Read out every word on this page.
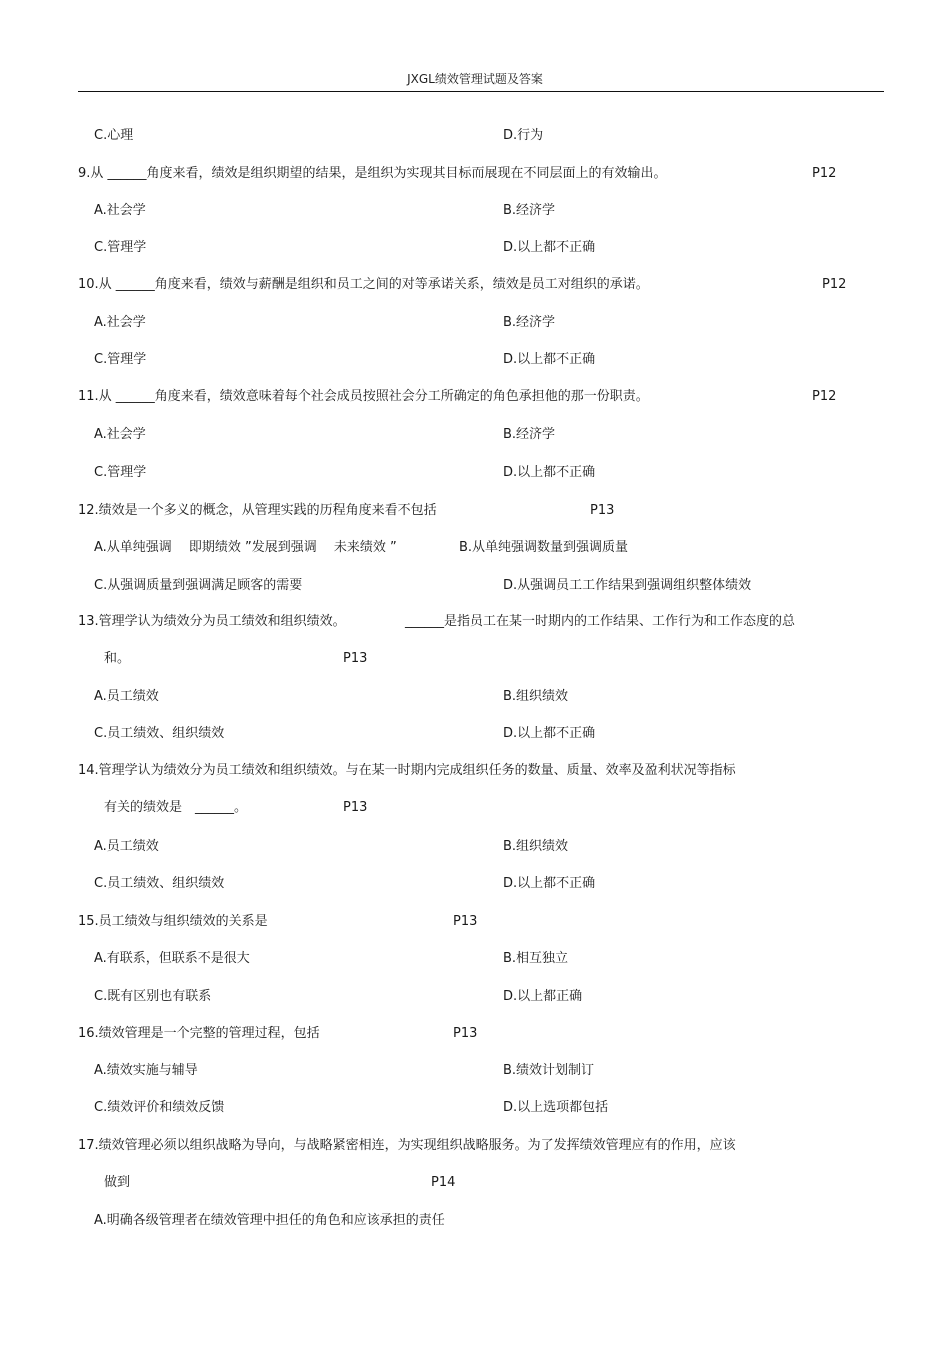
JXGL绩效管理试题及答案
C.心理	D.行为
9.从 ______角度来看，绩效是组织期望的结果，是组织为实现其目标而展现在不同层面上的有效输出。	P12
A.社会学	B.经济学
C.管理学	D.以上都不正确
10.从 ______角度来看，绩效与薪酬是组织和员工之间的对等承诺关系，绩效是员工对组织的承诺。	P12
A.社会学	B.经济学
C.管理学	D.以上都不正确
11.从 ______角度来看，绩效意味着每个社会成员按照社会分工所确定的角色承担他的那一份职责。	P12
A.社会学	B.经济学
C.管理学	D.以上都不正确
12.绩效是一个多义的概念，从管理实践的历程角度来看不包括	P13
A.从单纯强调　 即期绩效 ”发展到强调　 未来绩效 ”	B.从单纯强调数量到强调质量
C.从强调质量到强调满足顾客的需要	D.从强调员工工作结果到强调组织整体绩效
13.管理学认为绩效分为员工绩效和组织绩效。	______是指员工在某一时期内的工作结果、工作行为和工作态度的总
和。	P13
A.员工绩效	B.组织绩效
C.员工绩效、组织绩效	D.以上都不正确
14.管理学认为绩效分为员工绩效和组织绩效。与在某一时期内完成组织任务的数量、质量、效率及盈利状况等指标
有关的绩效是　______。	P13
A.员工绩效	B.组织绩效
C.员工绩效、组织绩效	D.以上都不正确
15.员工绩效与组织绩效的关系是	P13
A.有联系，但联系不是很大	B.相互独立
C.既有区别也有联系	D.以上都正确
16.绩效管理是一个完整的管理过程，包括	P13
A.绩效实施与辅导	B.绩效计划制订
C.绩效评价和绩效反馈	D.以上选项都包括
17.绩效管理必须以组织战略为导向，与战略紧密相连，为实现组织战略服务。为了发挥绩效管理应有的作用，应该
做到	P14
A.明确各级管理者在绩效管理中担任的角色和应该承担的责任
